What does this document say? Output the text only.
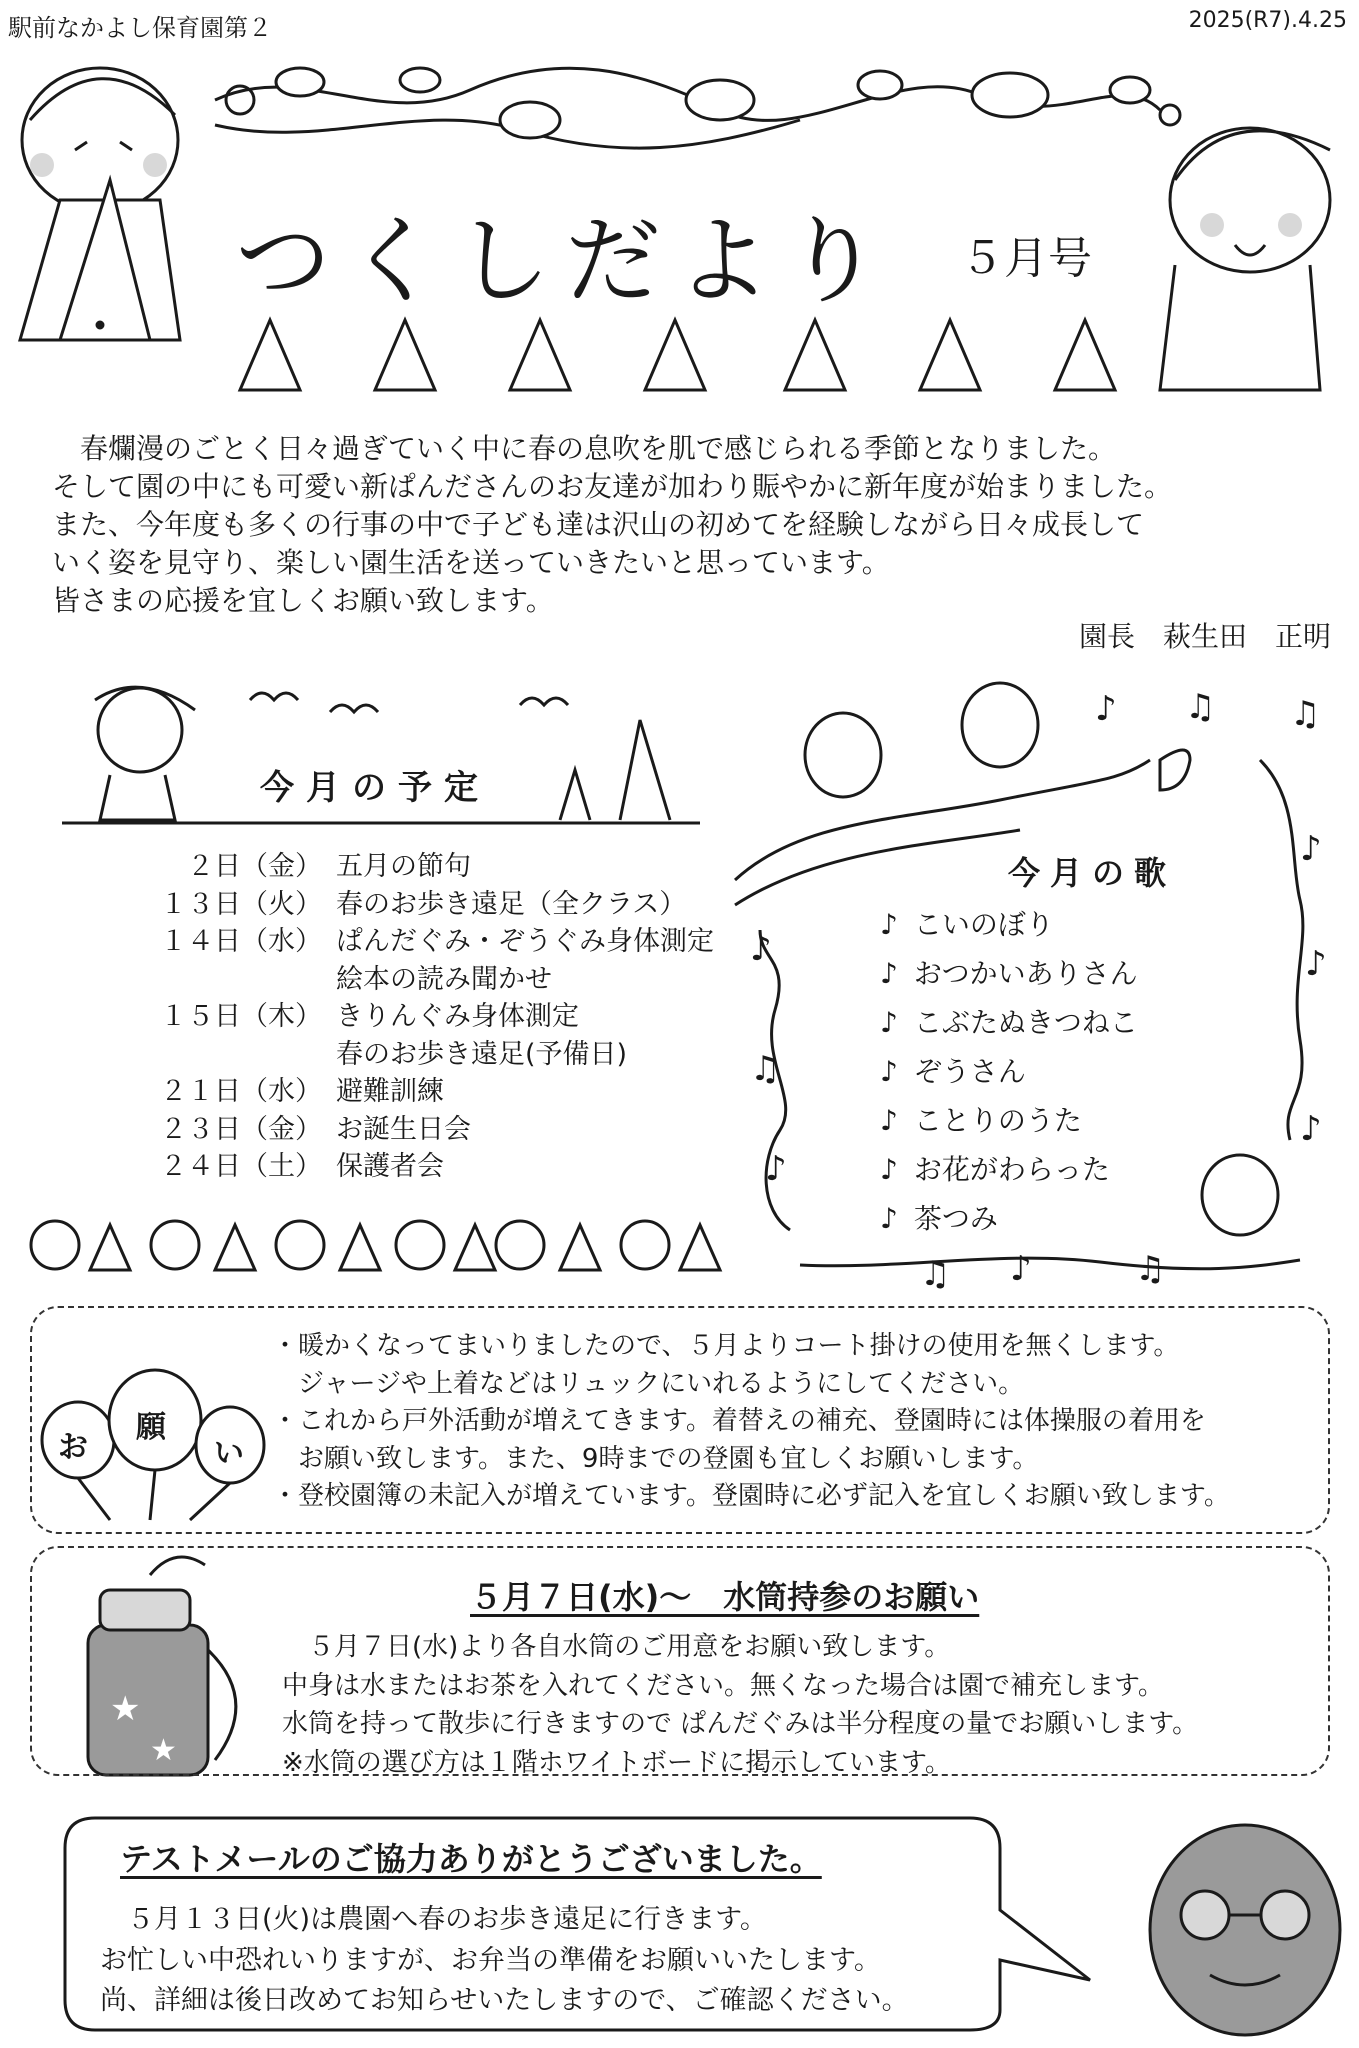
♪ ♫ ♫
♪
♪
♪
♪
♫
♪
♫ ♪	♫
★
★
駅前なかよし保育園第２	2025(R7).4.25
つくしだより ５月号
　春爛漫のごとく日々過ぎていく中に春の息吹を肌で感じられる季節となりました。
そして園の中にも可愛い新ぱんださんのお友達が加わり賑やかに新年度が始まりました。
また、今年度も多くの行事の中で子ども達は沢山の初めてを経験しながら日々成長して
いく姿を見守り、楽しい園生活を送っていきたいと思っています。
皆さまの応援を宜しくお願い致します。
園長　萩生田　正明
今月の予定
２日（金） 五月の節句
１３日（火） 春のお歩き遠足（全クラス）
１４日（水） ぱんだぐみ・ぞうぐみ身体測定
絵本の読み聞かせ
１５日（木） きりんぐみ身体測定
春のお歩き遠足(予備日)
２１日（水） 避難訓練
２３日（金） お誕生日会
２４日（土） 保護者会
今月の歌
♪ こいのぼり
♪ おつかいありさん
♪ こぶたぬきつねこ
♪ ぞうさん
♪ ことりのうた
♪ お花がわらった
♪ 茶つみ
お
願
い
・暖かくなってまいりましたので、５月よりコート掛けの使用を無くします。
　ジャージや上着などはリュックにいれるようにしてください。
・これから戸外活動が増えてきます。着替えの補充、登園時には体操服の着用を
　お願い致します。また、9時までの登園も宜しくお願いします。
・登校園簿の未記入が増えています。登園時に必ず記入を宜しくお願い致します。
５月７日(水)～　水筒持参のお願い
　５月７日(水)より各自水筒のご用意をお願い致します。
中身は水またはお茶を入れてください。無くなった場合は園で補充します。
水筒を持って散歩に行きますので ぱんだぐみは半分程度の量でお願いします。
※水筒の選び方は１階ホワイトボードに掲示しています。
テストメールのご協力ありがとうございました。
　５月１３日(火)は農園へ春のお歩き遠足に行きます。
お忙しい中恐れいりますが、お弁当の準備をお願いいたします。
尚、詳細は後日改めてお知らせいたしますので、ご確認ください。
